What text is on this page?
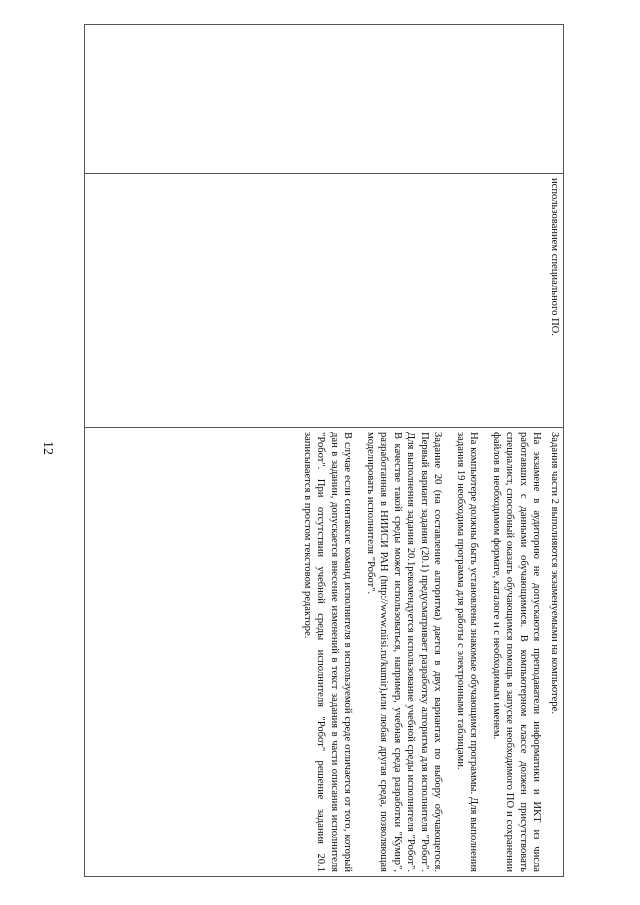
12
	использованием специального ПО.	

Задания части 2 выполняются экзаменуемыми на компьютере.

На экзамене в аудиторию не допускаются преподаватели информатики и ИКТ из числа работавших с данными обучающимися. В компьютерном классе должен присутствовать специалист, способный оказать обучающимся помощь в запуске необходимого ПО и сохранении файлов в необходимом формате, каталоге и с необходимым именем.

На компьютере должны быть установлены знакомые обучающимся программы. Для выполнения задания 19 необходима программа для работы с электронными таблицами.

Задание 20 (на составление алгоритма) дается в двух вариантах по выбору обучающегося. Первый вариант задания (20.1) предусматривает разработку алгоритма для исполнителя "Робот". Для выполнения задания 20.1рекомендуется использование учебной среды исполнителя "Робот". В качестве такой среды может использоваться, например, учебная среда разработки "Кумир", разработанная в НИИСИ РАН (http://www.niisi.ru/kumir),или любая другая среда, позволяющая моделировать исполнителя "Робот".

В случае если синтаксис команд исполнителя в используемой среде отличается от того, который дан в задании, допускается внесение изменений в текст задания в части описания исполнителя "Робот". При отсутствии учебной среды исполнителя "Робот" решение задания 20.1 записывается в простом текстовом редакторе.
